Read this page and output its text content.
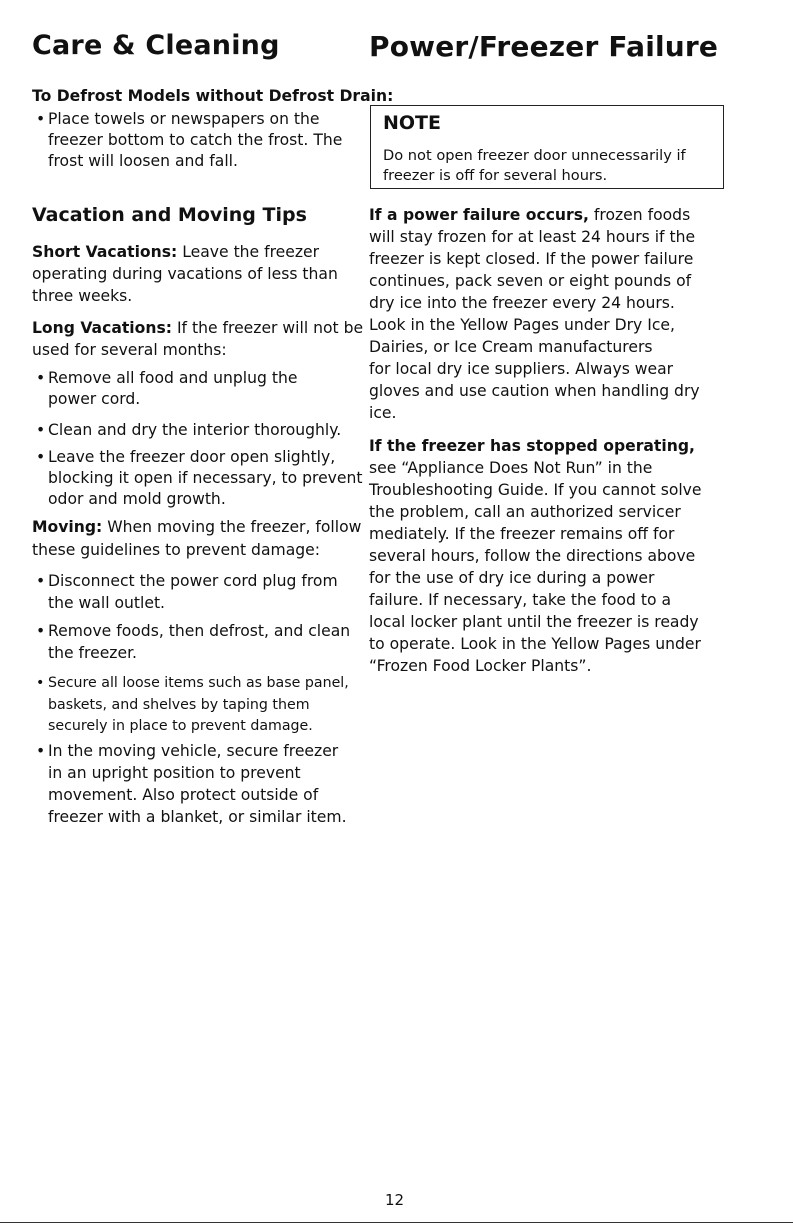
Care & Cleaning

To Defrost Models without Defrost Drain:

• Place towels or newspapers on the
freezer bottom to catch the frost. The
frost will loosen and fall.
Vacation and Moving Tips

Short Vacations: Leave the freezer

operating during vacations of less than

three weeks.

Long Vacations: If the freezer will not be

used for several months:

• Remove all food and unplug the
power cord.
• Clean and dry the interior thoroughly.
• Leave the freezer door open slightly,
blocking it open if necessary, to prevent
odor and mold growth.

Moving: When moving the freezer, follow

these guidelines to prevent damage:

• Disconnect the power cord plug from
the wall outlet.
• Remove foods, then defrost, and clean
the freezer.
• Secure all loose items such as base panel,
baskets, and shelves by taping them
securely in place to prevent damage.
• In the moving vehicle, secure freezer
in an upright position to prevent
movement. Also protect outside of
freezer with a blanket, or similar item.
Power/Freezer Failure

NOTE

Do not open freezer door unnecessarily if
freezer is off for several hours.

If a power failure occurs, frozen foods

will stay frozen for at least 24 hours if the

freezer is kept closed. If the power failure

continues, pack seven or eight pounds of

dry ice into the freezer every 24 hours.

Look in the Yellow Pages under Dry Ice,

Dairies, or Ice Cream manufacturers

for local dry ice suppliers. Always wear

gloves and use caution when handling dry

ice.

If the freezer has stopped operating,

see “Appliance Does Not Run” in the

Troubleshooting Guide. If you cannot solve

the problem, call an authorized servicer

mediately. If the freezer remains off for

several hours, follow the directions above

for the use of dry ice during a power

failure. If necessary, take the food to a

local locker plant until the freezer is ready

to operate. Look in the Yellow Pages under

“Frozen Food Locker Plants”.

12
